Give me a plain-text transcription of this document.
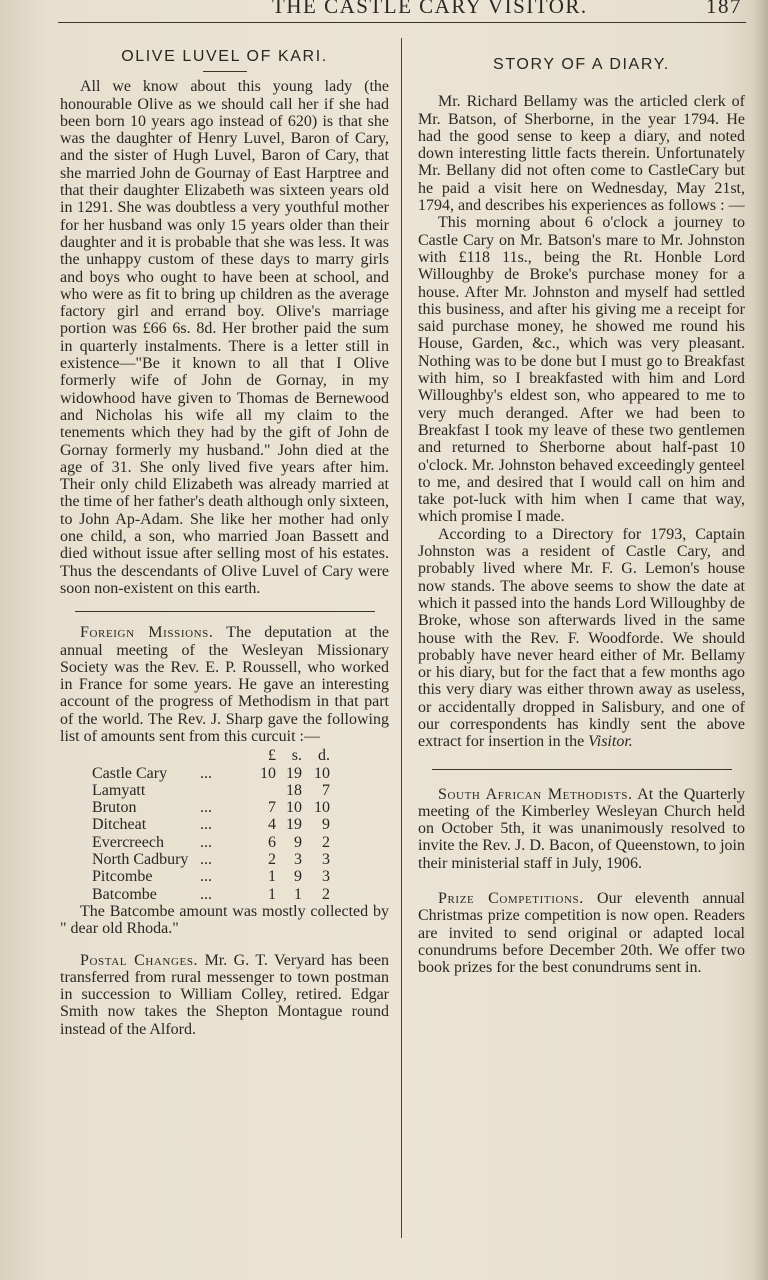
THE CASTLE CARY VISITOR.	187
OLIVE LUVEL OF KARI.

All we know about this young lady (the honourable Olive as we should call her if she had been born 10 years ago instead of 620) is that she was the daughter of Henry Luvel, Baron of Cary, and the sister of Hugh Luvel, Baron of Cary, that she married John de Gournay of East Harptree and that their daughter Elizabeth was sixteen years old in 1291. She was doubtless a very youthful mother for her husband was only 15 years older than their daughter and it is probable that she was less. It was the unhappy custom of these days to marry girls and boys who ought to have been at school, and who were as fit to bring up children as the average factory girl and errand boy. Olive's marriage portion was £66 6s. 8d. Her brother paid the sum in quarterly instalments. There is a letter still in existence—"Be it known to all that I Olive formerly wife of John de Gornay, in my widowhood have given to Thomas de Bernewood and Nicholas his wife all my claim to the tenements which they had by the gift of John de Gornay formerly my husband." John died at the age of 31. She only lived five years after him. Their only child Elizabeth was already married at the time of her father's death although only sixteen, to John Ap-Adam. She like her mother had only one child, a son, who married Joan Bassett and died without issue after selling most of his estates. Thus the descendants of Olive Luvel of Cary were soon non-existent on this earth.

Foreign Missions. The deputation at the annual meeting of the Wesleyan Missionary Society was the Rev. E. P. Roussell, who worked in France for some years. He gave an interesting account of the progress of Methodism in that part of the world. The Rev. J. Sharp gave the following list of amounts sent from this curcuit :—

		£	s.	d.
Castle Cary	...	10	19	10
Lamyatt			18	7
Bruton	...	7	10	10
Ditcheat	...	4	19	9
Evercreech	...	6	9	2
North Cadbury	...	2	3	3
Pitcombe	...	1	9	3
Batcombe	...	1	1	2

The Batcombe amount was mostly collected by " dear old Rhoda."

Postal Changes. Mr. G. T. Veryard has been transferred from rural messenger to town postman in succession to William Colley, retired. Edgar Smith now takes the Shepton Montague round instead of the Alford.

STORY OF A DIARY.

Mr. Richard Bellamy was the articled clerk of Mr. Batson, of Sherborne, in the year 1794. He had the good sense to keep a diary, and noted down interesting little facts therein. Unfortunately Mr. Bellany did not often come to CastleCary but he paid a visit here on Wednesday, May 21st, 1794, and describes his experiences as follows : —

This morning about 6 o'clock a journey to Castle Cary on Mr. Batson's mare to Mr. Johnston with £118 11s., being the Rt. Honble Lord Willoughby de Broke's purchase money for a house. After Mr. Johnston and myself had settled this business, and after his giving me a receipt for said purchase money, he showed me round his House, Garden, &c., which was very pleasant. Nothing was to be done but I must go to Breakfast with him, so I breakfasted with him and Lord Willoughby's eldest son, who appeared to me to very much deranged. After we had been to Breakfast I took my leave of these two gentlemen and returned to Sherborne about half-past 10 o'clock. Mr. Johnston behaved exceedingly genteel to me, and desired that I would call on him and take pot-luck with him when I came that way, which promise I made.

According to a Directory for 1793, Captain Johnston was a resident of Castle Cary, and probably lived where Mr. F. G. Lemon's house now stands. The above seems to show the date at which it passed into the hands Lord Willoughby de Broke, whose son afterwards lived in the same house with the Rev. F. Woodforde. We should probably have never heard either of Mr. Bellamy or his diary, but for the fact that a few months ago this very diary was either thrown away as useless, or accidentally dropped in Salisbury, and one of our correspondents has kindly sent the above extract for insertion in the Visitor.

South African Methodists. At the Quarterly meeting of the Kimberley Wesleyan Church held on October 5th, it was unanimously resolved to invite the Rev. J. D. Bacon, of Queenstown, to join their ministerial staff in July, 1906.

Prize Competitions. Our eleventh annual Christmas prize competition is now open. Readers are invited to send original or adapted local conundrums before December 20th. We offer two book prizes for the best conundrums sent in.
